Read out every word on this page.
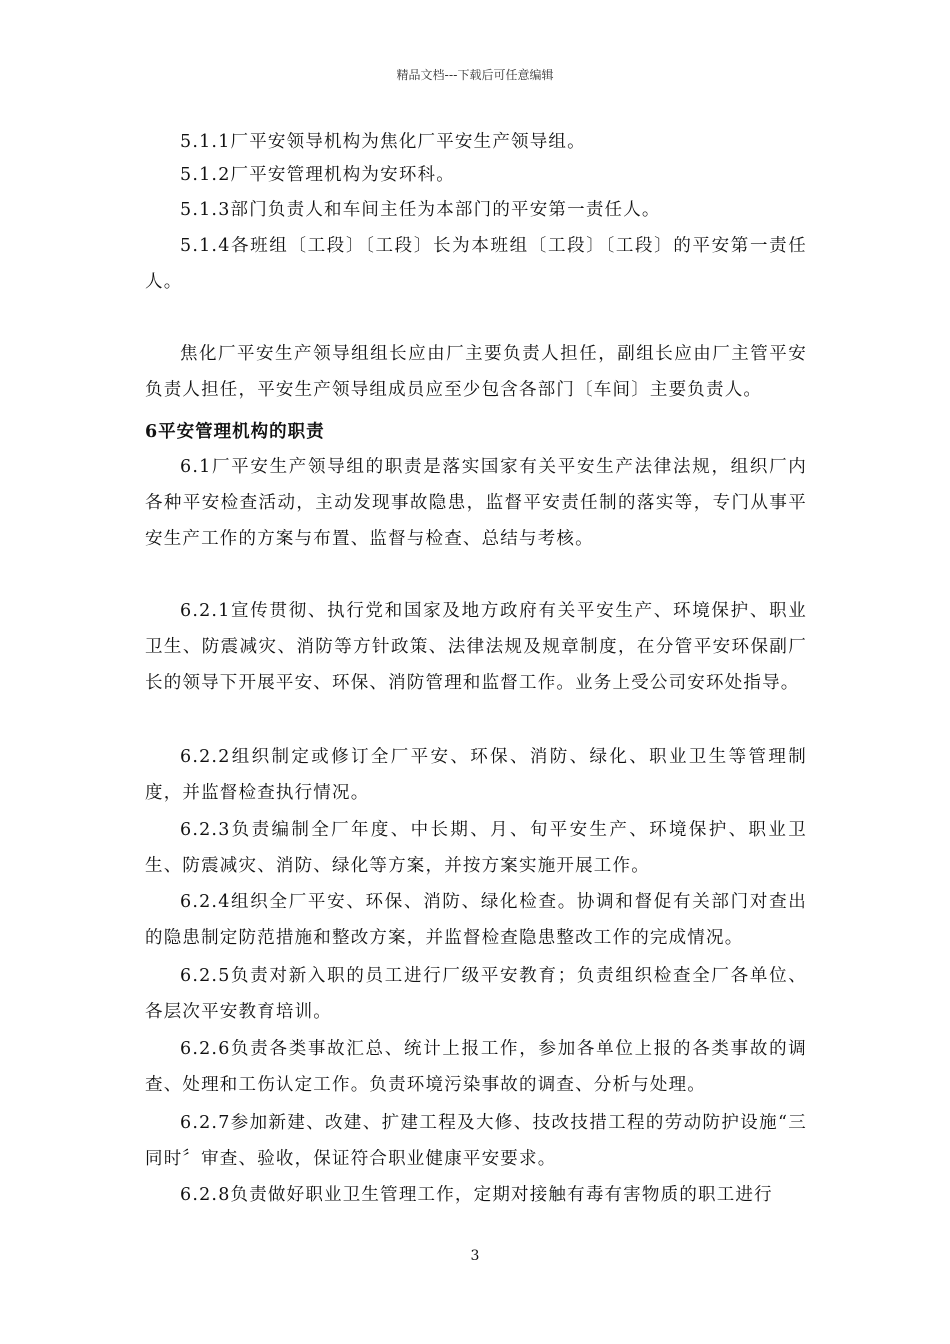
精品文档---下载后可任意编辑
5.1.1厂平安领导机构为焦化厂平安生产领导组。
5.1.2厂平安管理机构为安环科。
5.1.3部门负责人和车间主任为本部门的平安第一责任人。
5.1.4各班组〔工段〕〔工段〕长为本班组〔工段〕〔工段〕的平安第一责任人。
焦化厂平安生产领导组组长应由厂主要负责人担任，副组长应由厂主管平安负责人担任，平安生产领导组成员应至少包含各部门〔车间〕主要负责人。
6平安管理机构的职责
6.1厂平安生产领导组的职责是落实国家有关平安生产法律法规，组织厂内各种平安检查活动，主动发现事故隐患，监督平安责任制的落实等，专门从事平安生产工作的方案与布置、监督与检查、总结与考核。
6.2.1宣传贯彻、执行党和国家及地方政府有关平安生产、环境保护、职业卫生、防震减灾、消防等方针政策、法律法规及规章制度，在分管平安环保副厂长的领导下开展平安、环保、消防管理和监督工作。业务上受公司安环处指导。
6.2.2组织制定或修订全厂平安、环保、消防、绿化、职业卫生等管理制度，并监督检查执行情况。
6.2.3负责编制全厂年度、中长期、月、旬平安生产、环境保护、职业卫生、防震减灾、消防、绿化等方案，并按方案实施开展工作。
6.2.4组织全厂平安、环保、消防、绿化检查。协调和督促有关部门对查出的隐患制定防范措施和整改方案，并监督检查隐患整改工作的完成情况。
6.2.5负责对新入职的员工进行厂级平安教育；负责组织检查全厂各单位、各层次平安教育培训。
6.2.6负责各类事故汇总、统计上报工作，参加各单位上报的各类事故的调查、处理和工伤认定工作。负责环境污染事故的调查、分析与处理。
6.2.7参加新建、改建、扩建工程及大修、技改技措工程的劳动防护设施“三同时〞审查、验收，保证符合职业健康平安要求。
6.2.8负责做好职业卫生管理工作，定期对接触有毒有害物质的职工进行
3
